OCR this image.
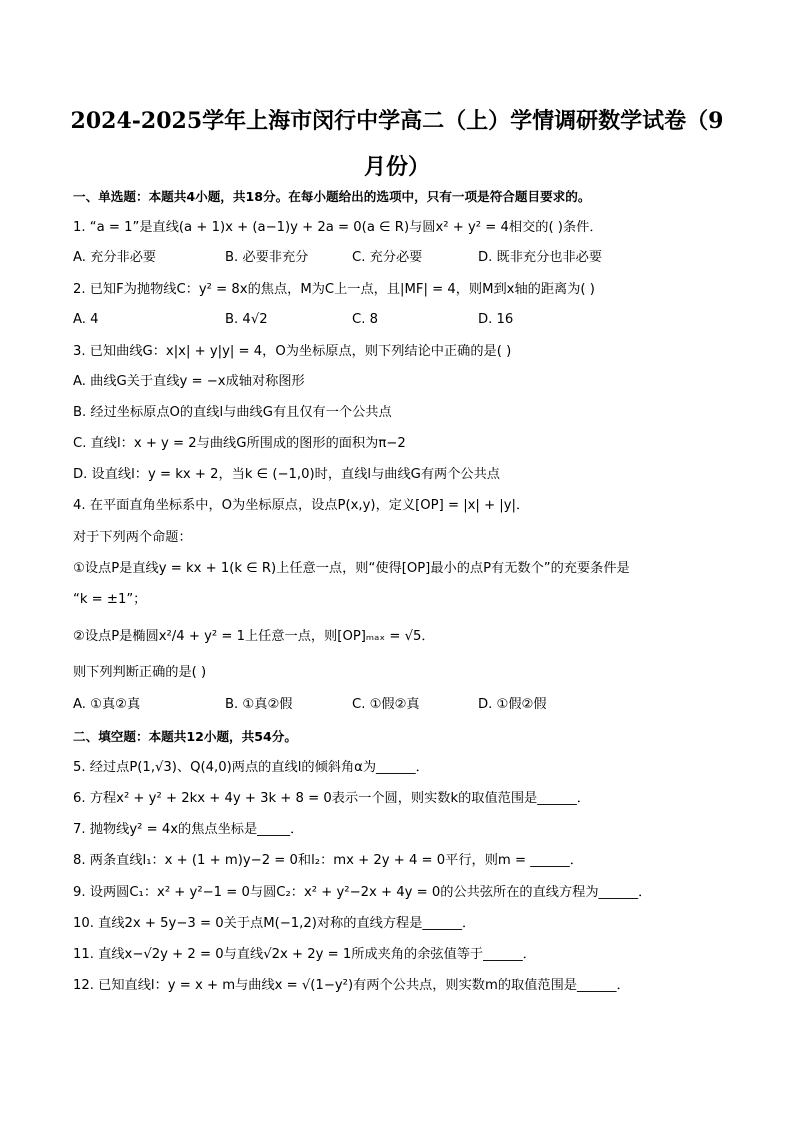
2024-2025学年上海市闵行中学高二（上）学情调研数学试卷（9月份）
一、单选题：本题共4小题，共18分。在每小题给出的选项中，只有一项是符合题目要求的。
1. “a = 1”是直线(a + 1)x + (a−1)y + 2a = 0(a ∈ R)与圆x² + y² = 4相交的( )条件．
A. 充分非必要	B. 必要非充分	C. 充分必要	D. 既非充分也非必要
2. 已知F为抛物线C：y² = 8x的焦点，M为C上一点，且|MF| = 4，则M到x轴的距离为( )
A. 4	B. 4√2	C. 8	D. 16
3. 已知曲线G：x|x| + y|y| = 4，O为坐标原点，则下列结论中正确的是( )
A. 曲线G关于直线y = −x成轴对称图形
B. 经过坐标原点O的直线l与曲线G有且仅有一个公共点
C. 直线l：x + y = 2与曲线G所围成的图形的面积为π−2
D. 设直线l：y = kx + 2，当k ∈ (−1,0)时，直线l与曲线G有两个公共点
4. 在平面直角坐标系中，O为坐标原点，设点P(x,y)，定义[OP] = |x| + |y|．
对于下列两个命题：
①设点P是直线y = kx + 1(k ∈ R)上任意一点，则“使得[OP]最小的点P有无数个”的充要条件是
“k = ±1”；
②设点P是椭圆x²/4 + y² = 1上任意一点，则[OP]ₘₐₓ = √5．
则下列判断正确的是( )
A. ①真②真	B. ①真②假	C. ①假②真	D. ①假②假
二、填空题：本题共12小题，共54分。
5. 经过点P(1,√3)、Q(4,0)两点的直线l的倾斜角α为______．
6. 方程x² + y² + 2kx + 4y + 3k + 8 = 0表示一个圆，则实数k的取值范围是______．
7. 抛物线y² = 4x的焦点坐标是_____．
8. 两条直线l₁：x + (1 + m)y−2 = 0和l₂：mx + 2y + 4 = 0平行，则m = ______．
9. 设两圆C₁：x² + y²−1 = 0与圆C₂：x² + y²−2x + 4y = 0的公共弦所在的直线方程为______．
10. 直线2x + 5y−3 = 0关于点M(−1,2)对称的直线方程是______．
11. 直线x−√2y + 2 = 0与直线√2x + 2y = 1所成夹角的余弦值等于______．
12. 已知直线l：y = x + m与曲线x = √(1−y²)有两个公共点，则实数m的取值范围是______．
